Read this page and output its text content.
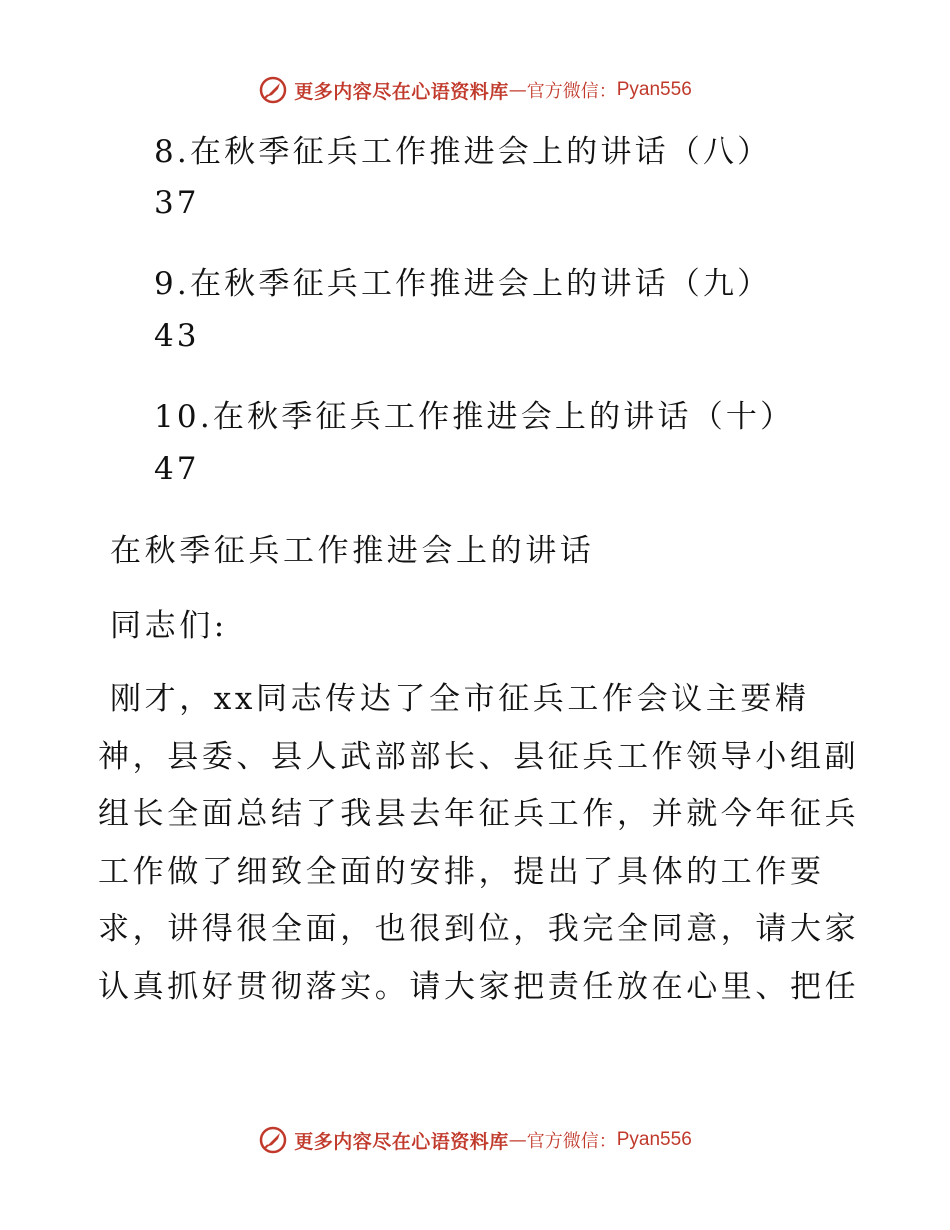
更多内容尽在心语资料库 — 官方微信： Pyan556
8.在秋季征兵工作推进会上的讲话（八）
37
9.在秋季征兵工作推进会上的讲话（九）
43
10.在秋季征兵工作推进会上的讲话（十）
47
在秋季征兵工作推进会上的讲话
同志们:
刚才，xx同志传达了全市征兵工作会议主要精
神，县委、县人武部部长、县征兵工作领导小组副
组长全面总结了我县去年征兵工作，并就今年征兵
工作做了细致全面的安排，提出了具体的工作要
求，讲得很全面，也很到位，我完全同意，请大家
认真抓好贯彻落实。请大家把责任放在心里、把任
更多内容尽在心语资料库 — 官方微信： Pyan556
